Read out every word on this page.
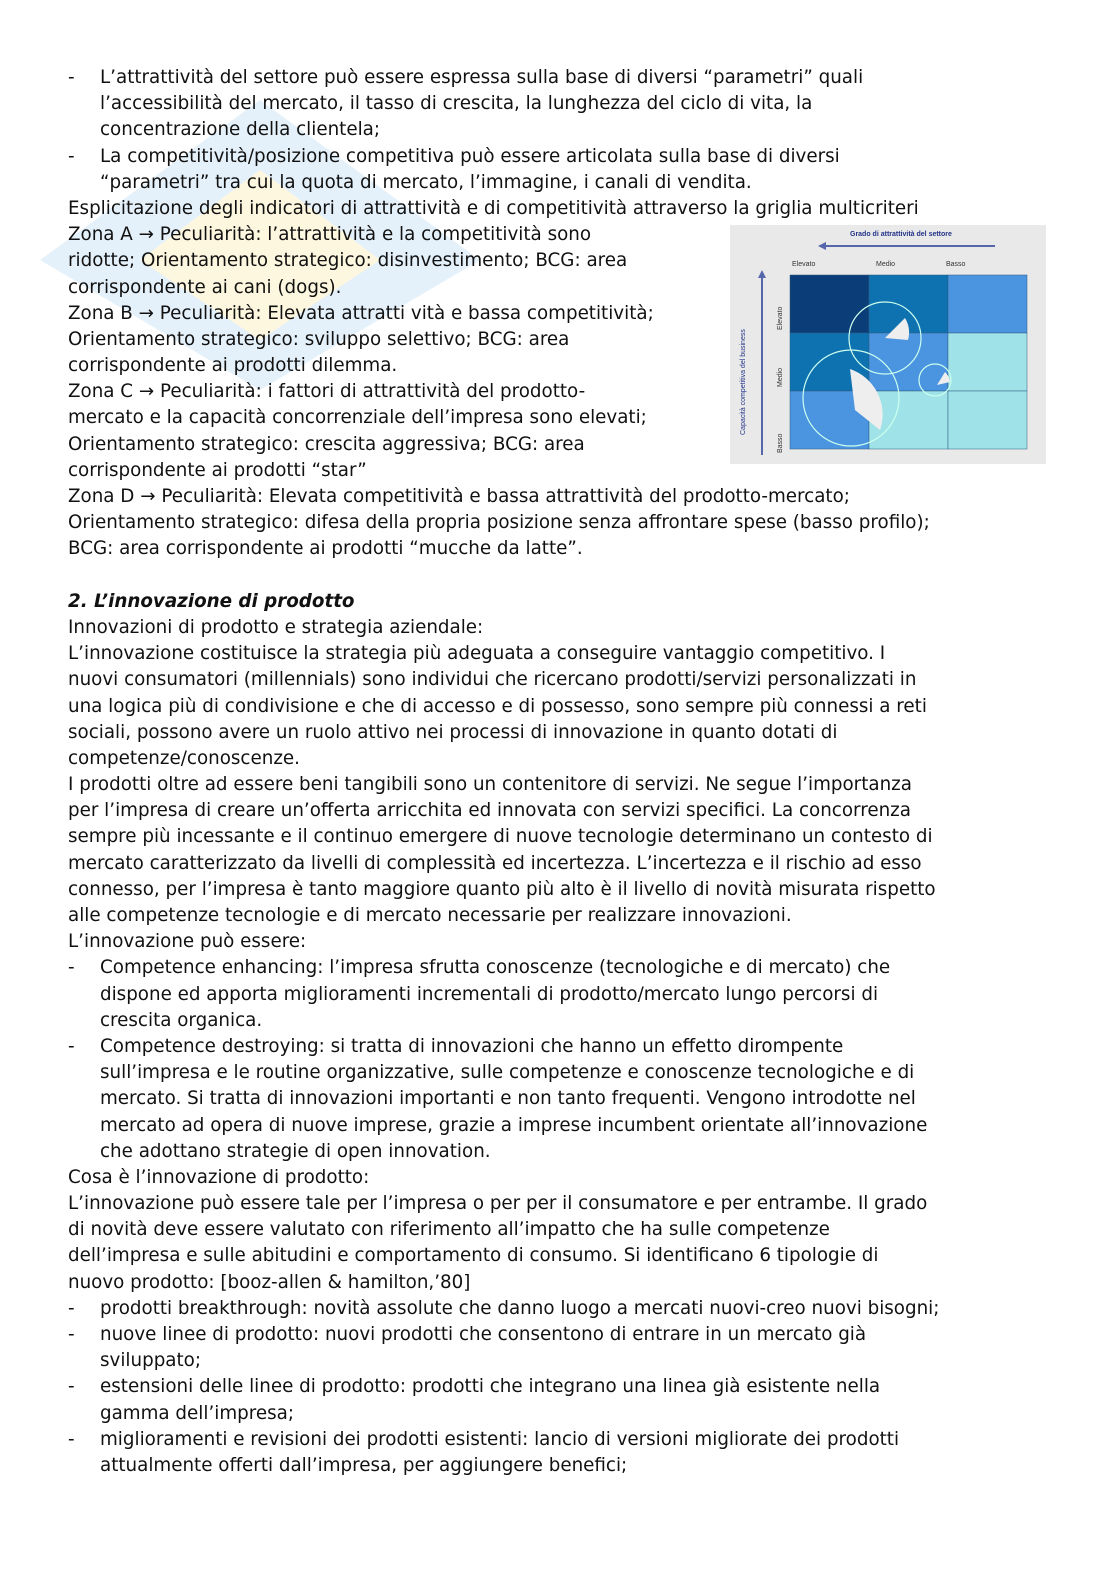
- L’attrattività del settore può essere espressa sulla base di diversi “parametri” quali
l’accessibilità del mercato, il tasso di crescita, la lunghezza del ciclo di vita, la
concentrazione della clientela;
- La competitività/posizione competitiva può essere articolata sulla base di diversi
“parametri” tra cui la quota di mercato, l’immagine, i canali di vendita.
Esplicitazione degli indicatori di attrattività e di competitività attraverso la griglia multicriteri
Zona A → Peculiarità: l’attrattività e la competitività sono
ridotte; Orientamento strategico: disinvestimento; BCG: area
corrispondente ai cani (dogs).
Zona B → Peculiarità: Elevata attratti vità e bassa competitività;
Orientamento strategico: sviluppo selettivo; BCG: area
corrispondente ai prodotti dilemma.
Zona C → Peculiarità: i fattori di attrattività del prodotto-
mercato e la capacità concorrenziale dell’impresa sono elevati;
Orientamento strategico: crescita aggressiva; BCG: area
corrispondente ai prodotti “star”
Zona D → Peculiarità: Elevata competitività e bassa attrattività del prodotto-mercato;
Orientamento strategico: difesa della propria posizione senza affrontare spese (basso profilo);
BCG: area corrispondente ai prodotti “mucche da latte”.
2. L’innovazione di prodotto
Innovazioni di prodotto e strategia aziendale:
L’innovazione costituisce la strategia più adeguata a conseguire vantaggio competitivo. I
nuovi consumatori (millennials) sono individui che ricercano prodotti/servizi personalizzati in
una logica più di condivisione e che di accesso e di possesso, sono sempre più connessi a reti
sociali, possono avere un ruolo attivo nei processi di innovazione in quanto dotati di
competenze/conoscenze.
I prodotti oltre ad essere beni tangibili sono un contenitore di servizi. Ne segue l’importanza
per l’impresa di creare un’offerta arricchita ed innovata con servizi specifici. La concorrenza
sempre più incessante e il continuo emergere di nuove tecnologie determinano un contesto di
mercato caratterizzato da livelli di complessità ed incertezza. L’incertezza e il rischio ad esso
connesso, per l’impresa è tanto maggiore quanto più alto è il livello di novità misurata rispetto
alle competenze tecnologie e di mercato necessarie per realizzare innovazioni.
L’innovazione può essere:
- Competence enhancing: l’impresa sfrutta conoscenze (tecnologiche e di mercato) che
dispone ed apporta miglioramenti incrementali di prodotto/mercato lungo percorsi di
crescita organica.
- Competence destroying: si tratta di innovazioni che hanno un effetto dirompente
sull’impresa e le routine organizzative, sulle competenze e conoscenze tecnologiche e di
mercato. Si tratta di innovazioni importanti e non tanto frequenti. Vengono introdotte nel
mercato ad opera di nuove imprese, grazie a imprese incumbent orientate all’innovazione
che adottano strategie di open innovation.
Cosa è l’innovazione di prodotto:
L’innovazione può essere tale per l’impresa o per per il consumatore e per entrambe. Il grado
di novità deve essere valutato con riferimento all’impatto che ha sulle competenze
dell’impresa e sulle abitudini e comportamento di consumo. Si identificano 6 tipologie di
nuovo prodotto: [booz-allen & hamilton,’80]
- prodotti breakthrough: novità assolute che danno luogo a mercati nuovi-creo nuovi bisogni;
- nuove linee di prodotto: nuovi prodotti che consentono di entrare in un mercato già
sviluppato;
- estensioni delle linee di prodotto: prodotti che integrano una linea già esistente nella
gamma dell’impresa;
- miglioramenti e revisioni dei prodotti esistenti: lancio di versioni migliorate dei prodotti
attualmente offerti dall’impresa, per aggiungere benefici;
Grado di attrattività del settore
Capacità competitiva del business
Elevato	Medio	Basso
Elevato
Medio
Basso
